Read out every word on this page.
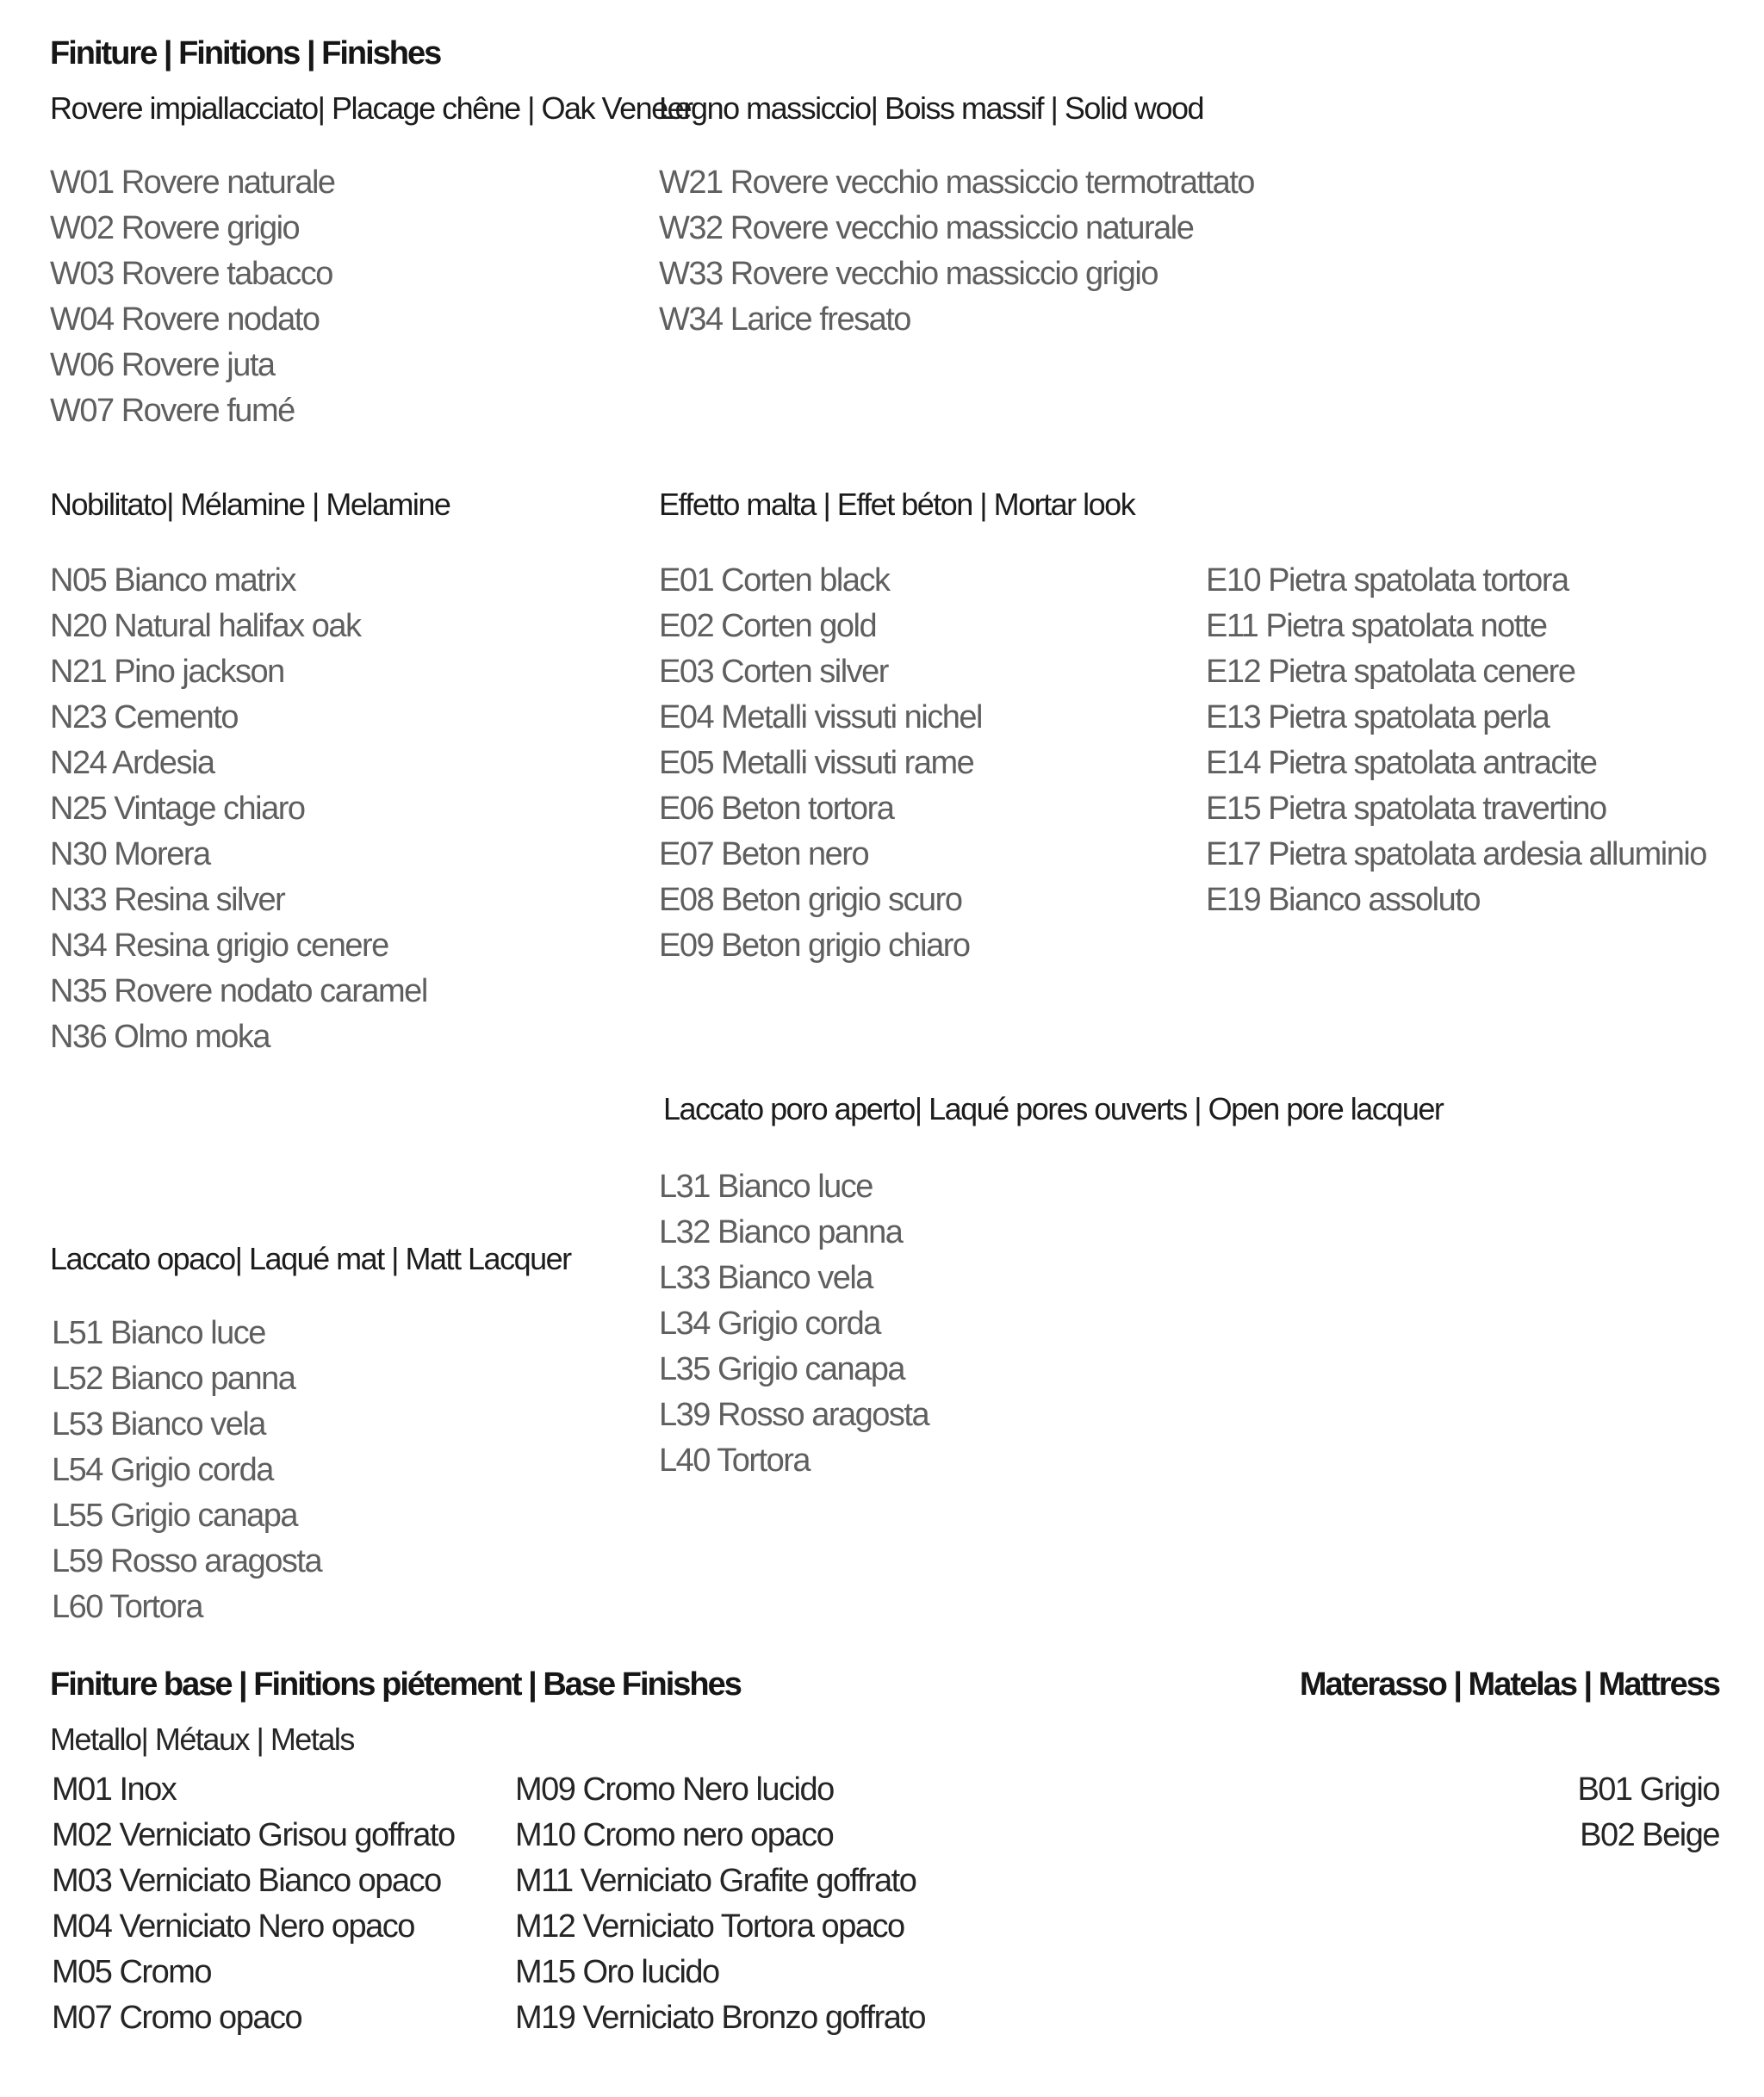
Finiture | Finitions | Finishes
Rovere impiallacciato| Placage chêne | Oak Veneer
W01 Rovere naturale
W02 Rovere grigio
W03 Rovere tabacco
W04 Rovere nodato
W06 Rovere juta
W07 Rovere fumé
Legno massiccio| Boiss massif | Solid wood
W21 Rovere vecchio massiccio termotrattato
W32 Rovere vecchio massiccio naturale
W33 Rovere vecchio massiccio grigio
W34 Larice fresato
Nobilitato| Mélamine | Melamine
N05 Bianco matrix
N20 Natural halifax oak
N21 Pino jackson
N23 Cemento
N24 Ardesia
N25 Vintage chiaro
N30 Morera
N33 Resina silver
N34 Resina grigio cenere
N35 Rovere nodato caramel
N36 Olmo moka
Effetto malta | Effet béton | Mortar look
E01 Corten black
E02 Corten gold
E03 Corten silver
E04 Metalli vissuti nichel
E05 Metalli vissuti rame
E06 Beton tortora
E07 Beton nero
E08 Beton grigio scuro
E09 Beton grigio chiaro
E10 Pietra spatolata tortora
E11 Pietra spatolata notte
E12 Pietra spatolata cenere
E13 Pietra spatolata perla
E14 Pietra spatolata antracite
E15 Pietra spatolata travertino
E17 Pietra spatolata ardesia alluminio
E19 Bianco assoluto
Laccato poro aperto| Laqué pores ouverts | Open pore lacquer
L31 Bianco luce
L32 Bianco panna
L33 Bianco vela
L34 Grigio corda
L35 Grigio canapa
L39 Rosso aragosta
L40 Tortora
Laccato opaco| Laqué mat | Matt Lacquer
L51 Bianco luce
L52 Bianco panna
L53 Bianco vela
L54 Grigio corda
L55 Grigio canapa
L59 Rosso aragosta
L60 Tortora
Finiture base | Finitions piétement | Base Finishes
Metallo| Métaux | Metals
M01 Inox
M02 Verniciato Grisou goffrato
M03 Verniciato Bianco opaco
M04 Verniciato Nero opaco
M05 Cromo
M07 Cromo opaco
M09 Cromo Nero lucido
M10 Cromo nero opaco
M11 Verniciato Grafite goffrato
M12 Verniciato Tortora opaco
M15 Oro lucido
M19 Verniciato Bronzo goffrato
Materasso | Matelas | Mattress
B01 Grigio
B02 Beige
